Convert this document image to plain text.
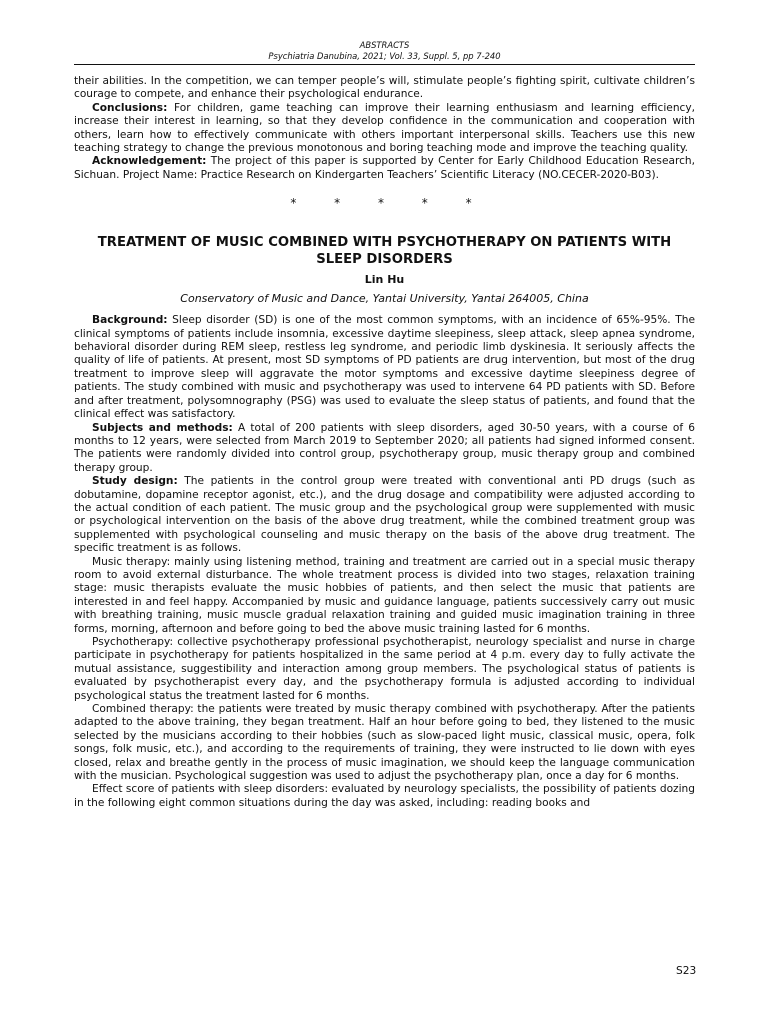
ABSTRACTS
Psychiatria Danubina, 2021; Vol. 33, Suppl. 5, pp 7-240

their abilities. In the competition, we can temper people’s will, stimulate people’s fighting spirit, cultivate children’s courage to compete, and enhance their psychological endurance.

Conclusions: For children, game teaching can improve their learning enthusiasm and learning efficiency, increase their interest in learning, so that they develop confidence in the communication and cooperation with others, learn how to effectively communicate with others important interpersonal skills. Teachers use this new teaching strategy to change the previous monotonous and boring teaching mode and improve the teaching quality.

Acknowledgement: The project of this paper is supported by Center for Early Childhood Education Research, Sichuan. Project Name: Practice Research on Kindergarten Teachers’ Scientific Literacy (NO.CECER-2020-B03).

* * * * *
TREATMENT OF MUSIC COMBINED WITH PSYCHOTHERAPY ON PATIENTS WITH SLEEP DISORDERS
Lin Hu
Conservatory of Music and Dance, Yantai University, Yantai 264005, China

Background: Sleep disorder (SD) is one of the most common symptoms, with an incidence of 65%-95%. The clinical symptoms of patients include insomnia, excessive daytime sleepiness, sleep attack, sleep apnea syndrome, behavioral disorder during REM sleep, restless leg syndrome, and periodic limb dyskinesia. It seriously affects the quality of life of patients. At present, most SD symptoms of PD patients are drug intervention, but most of the drug treatment to improve sleep will aggravate the motor symptoms and excessive daytime sleepiness degree of patients. The study combined with music and psychotherapy was used to intervene 64 PD patients with SD. Before and after treatment, polysomnography (PSG) was used to evaluate the sleep status of patients, and found that the clinical effect was satisfactory.

Subjects and methods: A total of 200 patients with sleep disorders, aged 30-50 years, with a course of 6 months to 12 years, were selected from March 2019 to September 2020; all patients had signed informed consent. The patients were randomly divided into control group, psychotherapy group, music therapy group and combined therapy group.

Study design: The patients in the control group were treated with conventional anti PD drugs (such as dobutamine, dopamine receptor agonist, etc.), and the drug dosage and compatibility were adjusted according to the actual condition of each patient. The music group and the psychological group were supplemented with music or psychological intervention on the basis of the above drug treatment, while the combined treatment group was supplemented with psychological counseling and music therapy on the basis of the above drug treatment. The specific treatment is as follows.

Music therapy: mainly using listening method, training and treatment are carried out in a special music therapy room to avoid external disturbance. The whole treatment process is divided into two stages, relaxation training stage: music therapists evaluate the music hobbies of patients, and then select the music that patients are interested in and feel happy. Accompanied by music and guidance language, patients successively carry out music with breathing training, music muscle gradual relaxation training and guided music imagination training in three forms, morning, afternoon and before going to bed the above music training lasted for 6 months.

Psychotherapy: collective psychotherapy professional psychotherapist, neurology specialist and nurse in charge participate in psychotherapy for patients hospitalized in the same period at 4 p.m. every day to fully activate the mutual assistance, suggestibility and interaction among group members. The psychological status of patients is evaluated by psychotherapist every day, and the psychotherapy formula is adjusted according to individual psychological status the treatment lasted for 6 months.

Combined therapy: the patients were treated by music therapy combined with psychotherapy. After the patients adapted to the above training, they began treatment. Half an hour before going to bed, they listened to the music selected by the musicians according to their hobbies (such as slow-paced light music, classical music, opera, folk songs, folk music, etc.), and according to the requirements of training, they were instructed to lie down with eyes closed, relax and breathe gently in the process of music imagination, we should keep the language communication with the musician. Psychological suggestion was used to adjust the psychotherapy plan, once a day for 6 months.

Effect score of patients with sleep disorders: evaluated by neurology specialists, the possibility of patients dozing in the following eight common situations during the day was asked, including: reading books and

S23
